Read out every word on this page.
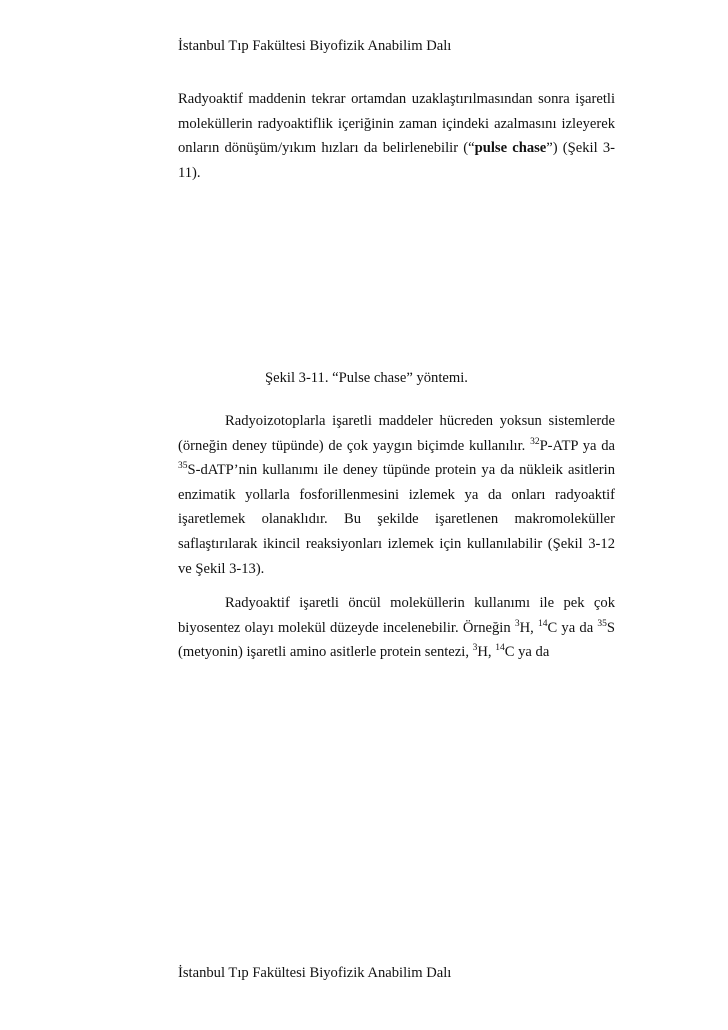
İstanbul Tıp Fakültesi Biyofizik Anabilim Dalı
Radyoaktif maddenin tekrar ortamdan uzaklaştırılmasından sonra işaretli moleküllerin radyoaktiflik içeriğinin zaman içindeki azalmasını izleyerek onların dönüşüm/yıkım hızları da belirlenebilir (“pulse chase”) (Şekil 3-11).
Şekil 3-11. “Pulse chase” yöntemi.
Radyoizotoplarla işaretli maddeler hücreden yoksun sistemlerde (örneğin deney tüpünde) de çok yaygın biçimde kullanılır. $^{32}$P-ATP ya da $^{35}$S-dATP’nin kullanımı ile deney tüpünde protein ya da nükleik asitlerin enzimatik yollarla fosforillenmesini izlemek ya da onları radyoaktif işaretlemek olanaklıdır. Bu şekilde işaretlenen makromoleküller saflaştırılarak ikincil reaksiyonları izlemek için kullanılabilir (Şekil 3-12 ve Şekil 3-13).
Radyoaktif işaretli öncül moleküllerin kullanımı ile pek çok biyosentez olayı molekül düzeyde incelenebilir. Örneğin $^3$H, $^{14}$C ya da $^{35}$S (metyonin) işaretli amino asitlerle protein sentezi, $^3$H, $^{14}$C ya da
İstanbul Tıp Fakültesi Biyofizik Anabilim Dalı
